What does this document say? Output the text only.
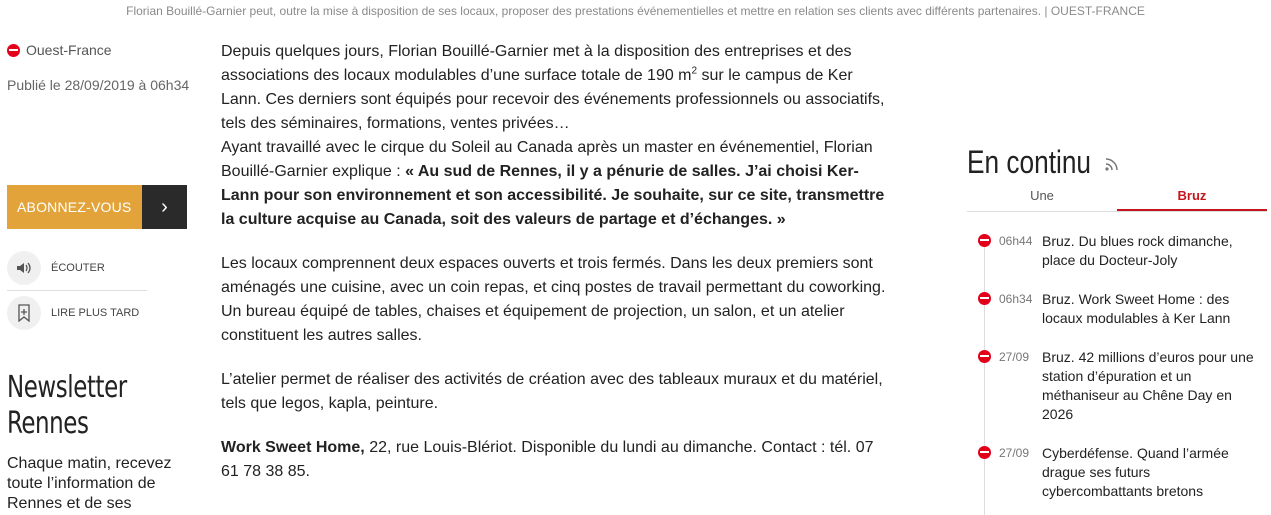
Florian Bouillé-Garnier peut, outre la mise à disposition de ses locaux, proposer des prestations événementielles et mettre en relation ses clients avec différents partenaires. | OUEST-FRANCE
Ouest-France
Publié le 28/09/2019 à 06h34
ABONNEZ-VOUS	›
ÉCOUTER
LIRE PLUS TARD
Newsletter Rennes
Chaque matin, recevez toute l’information de Rennes et de ses

Depuis quelques jours, Florian Bouillé-Garnier met à la disposition des entreprises et des associations des locaux modulables d’une surface totale de 190 $m^2$ sur le campus de Ker Lann. Ces derniers sont équipés pour recevoir des événements professionnels ou associatifs, tels des séminaires, formations, ventes privées…

Ayant travaillé avec le cirque du Soleil au Canada après un master en événementiel, Florian Bouillé-Garnier explique : « Au sud de Rennes, il y a pénurie de salles. J’ai choisi Ker-Lann pour son environnement et son accessibilité. Je souhaite, sur ce site, transmettre la culture acquise au Canada, soit des valeurs de partage et d’échanges. »

Les locaux comprennent deux espaces ouverts et trois fermés. Dans les deux premiers sont aménagés une cuisine, avec un coin repas, et cinq postes de travail permettant du coworking. Un bureau équipé de tables, chaises et équipement de projection, un salon, et un atelier constituent les autres salles.

L’atelier permet de réaliser des activités de création avec des tableaux muraux et du matériel, tels que legos, kapla, peinture.

Work Sweet Home, 22, rue Louis-Blériot. Disponible du lundi au dimanche. Contact : tél. 07 61 78 38 85.

En continu
Une	Bruz
06h44 Bruz. Du blues rock dimanche, place du Docteur-Joly
06h34 Bruz. Work Sweet Home : des locaux modulables à Ker Lann
27/09 Bruz. 42 millions d’euros pour une station d’épuration et un méthaniseur au Chêne Day en 2026
27/09 Cyberdéfense. Quand l’armée drague ses futurs cybercombattants bretons
